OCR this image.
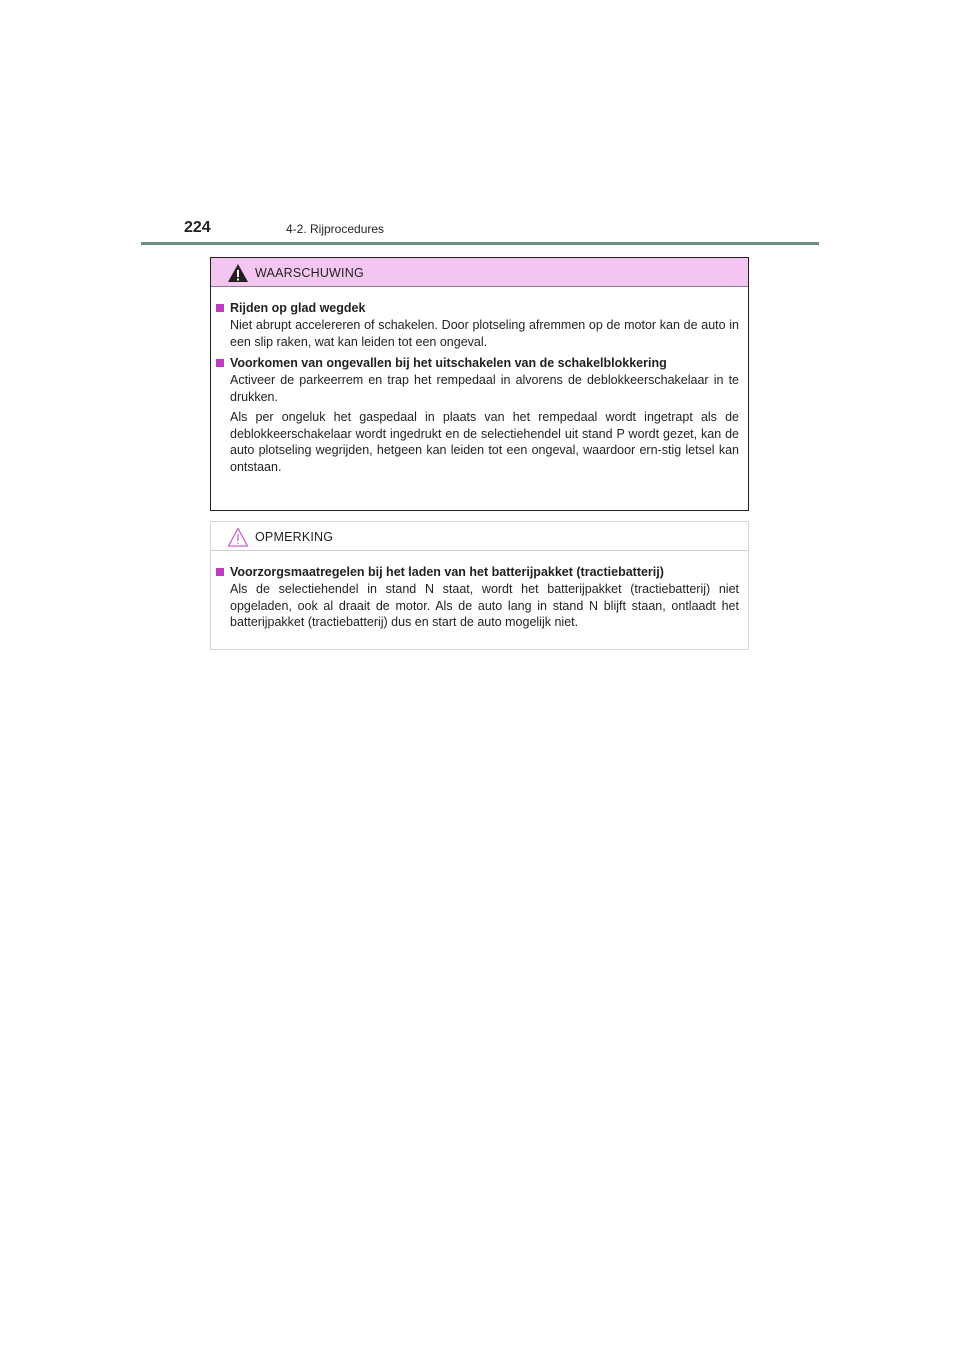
224	4-2. Rijprocedures
WAARSCHUWING
Rijden op glad wegdek
Niet abrupt accelereren of schakelen. Door plotseling afremmen op de motor kan de auto in een slip raken, wat kan leiden tot een ongeval.
Voorkomen van ongevallen bij het uitschakelen van de schakelblokkering
Activeer de parkeerrem en trap het rempedaal in alvorens de deblokkeerschakelaar in te drukken.
Als per ongeluk het gaspedaal in plaats van het rempedaal wordt ingetrapt als de deblokkeerschakelaar wordt ingedrukt en de selectiehendel uit stand P wordt gezet, kan de auto plotseling wegrijden, hetgeen kan leiden tot een ongeval, waardoor ern-stig letsel kan ontstaan.
OPMERKING
Voorzorgsmaatregelen bij het laden van het batterijpakket (tractiebatterij)
Als de selectiehendel in stand N staat, wordt het batterijpakket (tractiebatterij) niet opgeladen, ook al draait de motor. Als de auto lang in stand N blijft staan, ontlaadt het batterijpakket (tractiebatterij) dus en start de auto mogelijk niet.
